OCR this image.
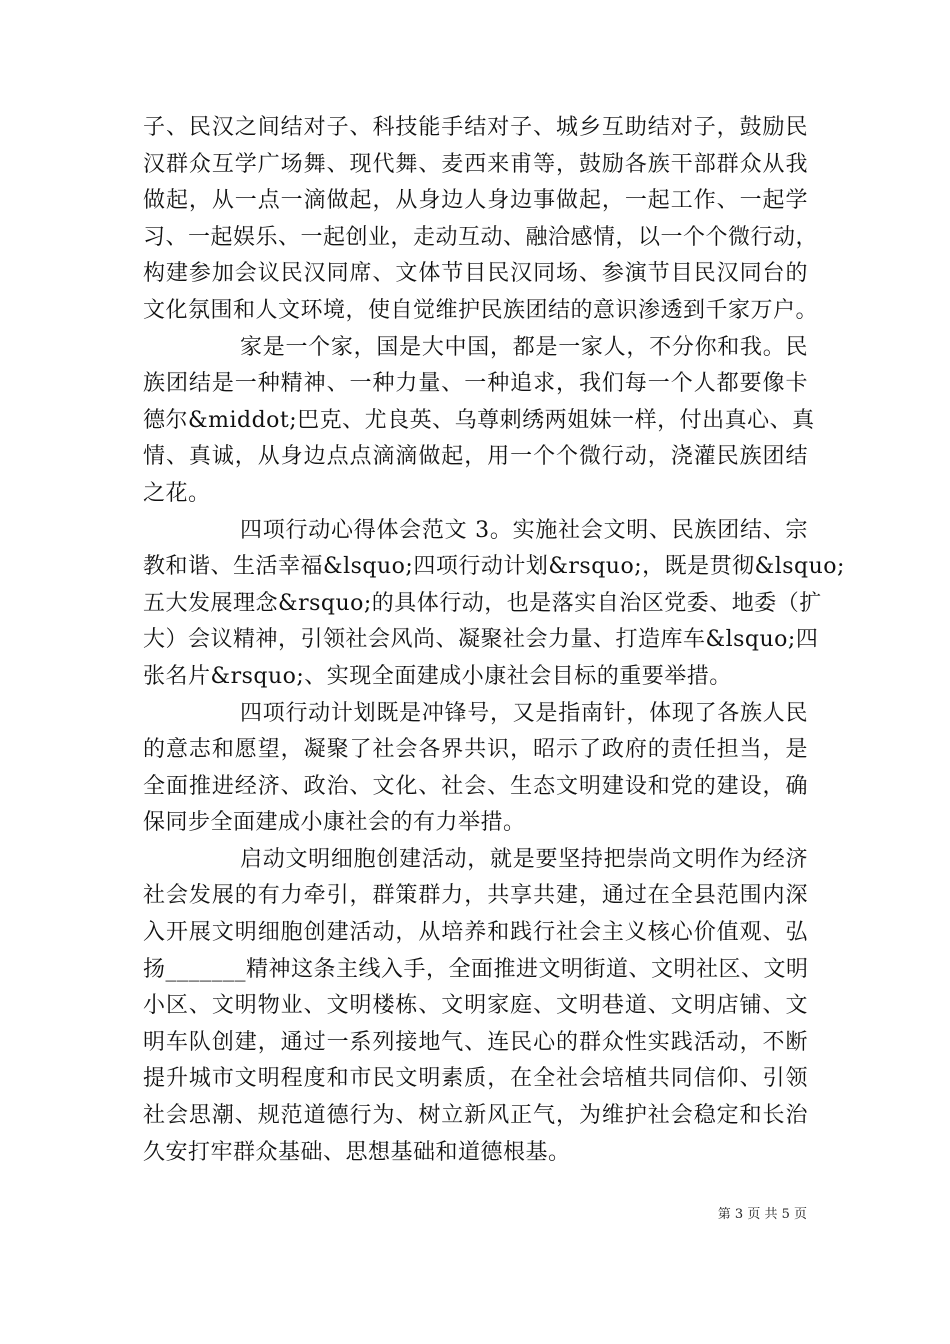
子、民汉之间结对子、科技能手结对子、城乡互助结对子，鼓励民
汉群众互学广场舞、现代舞、麦西来甫等，鼓励各族干部群众从我
做起，从一点一滴做起，从身边人身边事做起，一起工作、一起学
习、一起娱乐、一起创业，走动互动、融洽感情，以一个个微行动，
构建参加会议民汉同席、文体节目民汉同场、参演节目民汉同台的
文化氛围和人文环境，使自觉维护民族团结的意识渗透到千家万户。
家是一个家，国是大中国，都是一家人，不分你和我。民
族团结是一种精神、一种力量、一种追求，我们每一个人都要像卡
德尔&middot;巴克、尤良英、乌尊刺绣两姐妹一样，付出真心、真
情、真诚，从身边点点滴滴做起，用一个个微行动，浇灌民族团结
之花。
四项行动心得体会范文 3。实施社会文明、民族团结、宗
教和谐、生活幸福&lsquo;四项行动计划&rsquo;，既是贯彻&lsquo;
五大发展理念&rsquo;的具体行动，也是落实自治区党委、地委（扩
大）会议精神，引领社会风尚、凝聚社会力量、打造库车&lsquo;四
张名片&rsquo;、实现全面建成小康社会目标的重要举措。
四项行动计划既是冲锋号，又是指南针，体现了各族人民
的意志和愿望，凝聚了社会各界共识，昭示了政府的责任担当，是
全面推进经济、政治、文化、社会、生态文明建设和党的建设，确
保同步全面建成小康社会的有力举措。
启动文明细胞创建活动，就是要坚持把崇尚文明作为经济
社会发展的有力牵引，群策群力，共享共建，通过在全县范围内深
入开展文明细胞创建活动，从培养和践行社会主义核心价值观、弘
扬_______精神这条主线入手，全面推进文明街道、文明社区、文明
小区、文明物业、文明楼栋、文明家庭、文明巷道、文明店铺、文
明车队创建，通过一系列接地气、连民心的群众性实践活动，不断
提升城市文明程度和市民文明素质，在全社会培植共同信仰、引领
社会思潮、规范道德行为、树立新风正气，为维护社会稳定和长治
久安打牢群众基础、思想基础和道德根基。
第 3 页 共 5 页
